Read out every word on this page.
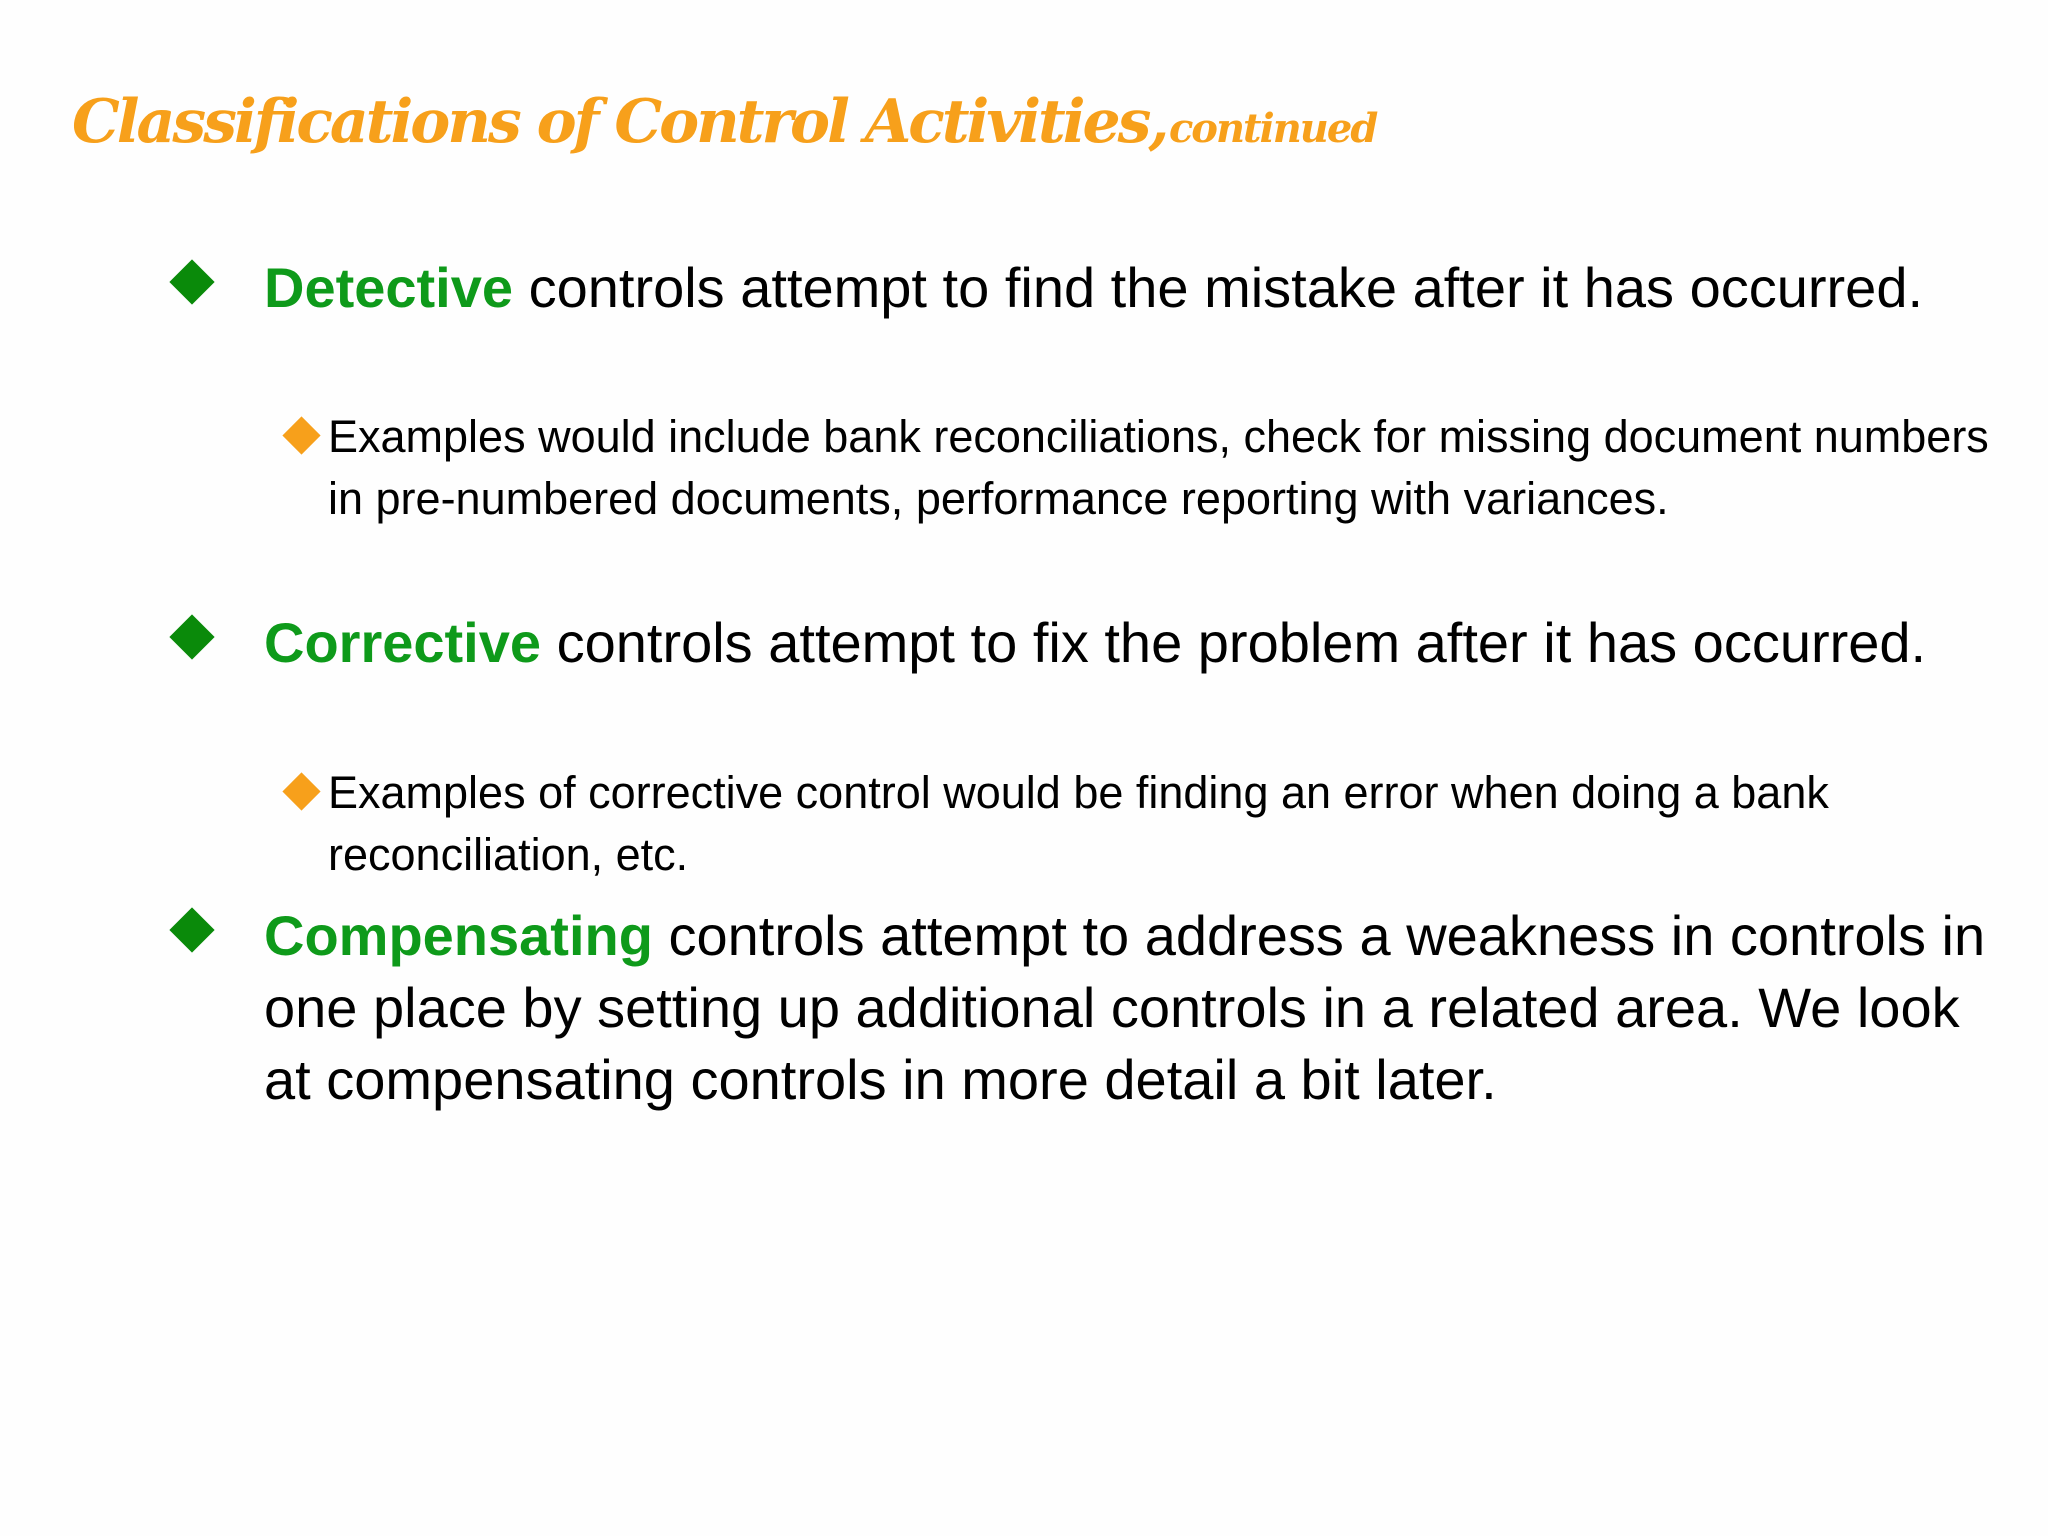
Classifications of Control Activities, continued
Detective controls attempt to find the mistake after it has occurred.
Examples would include bank reconciliations, check for missing document numbers in pre-numbered documents, performance reporting with variances.
Corrective controls attempt to fix the problem after it has occurred.
Examples of corrective control would be finding an error when doing a bank reconciliation, etc.
Compensating controls attempt to address a weakness in controls in one place by setting up additional controls in a related area. We look at compensating controls in more detail a bit later.
